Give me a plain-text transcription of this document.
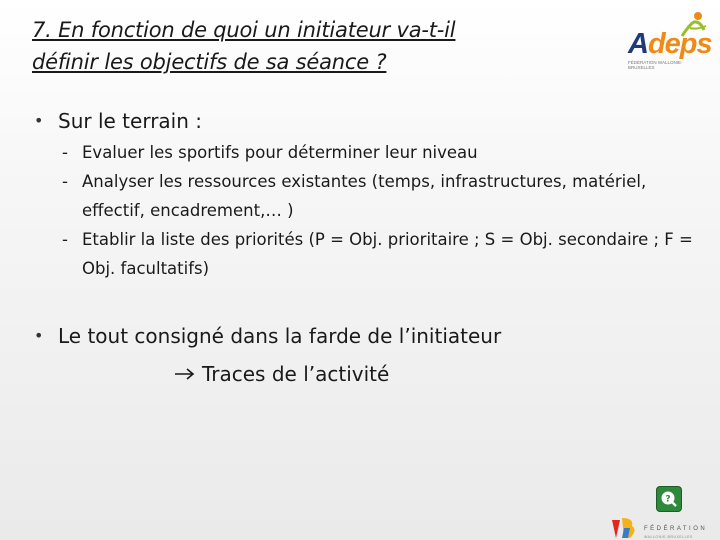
7. En fonction de quoi un initiateur va-t-il
définir les objectifs de sa séance ?
Adeps
FÉDÉRATION WALLONIE-BRUXELLES
• Sur le terrain :
- Evaluer les sportifs pour déterminer leur niveau
- Analyser les ressources existantes (temps, infrastructures, matériel, effectif, encadrement,… )
- Etablir la liste des priorités (P = Obj. prioritaire ; S = Obj. secondaire ; F = Obj. facultatifs)
• Le tout consigné dans la farde de l’initiateur
Traces de l’activité
?
FÉDÉRATION
WALLONIE-BRUXELLES
